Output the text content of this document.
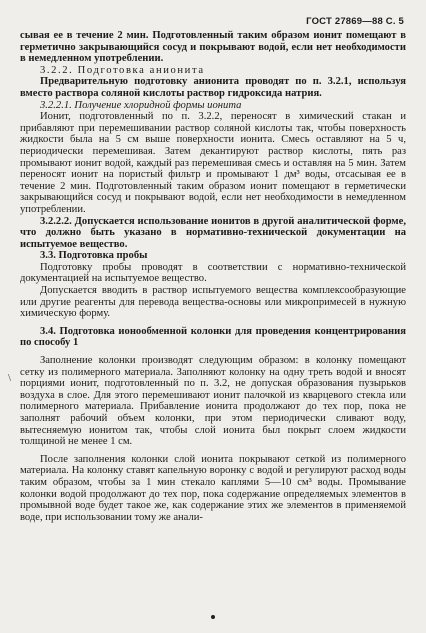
ГОСТ 27869—88 С. 5
\

сывая ее в течение 2 мин. Подготовленный таким образом ионит помещают в герметично закрывающийся сосуд и покрывают водой, если нет необходимости в немедленном употреблении.

3.2.2. Подготовка анионита

Предварительную подготовку анионита проводят по п. 3.2.1, используя вместо раствора соляной кислоты раствор гидроксида натрия.

3.2.2.1. Получение хлоридной формы ионита

Ионит, подготовленный по п. 3.2.2, переносят в химический стакан и прибавляют при перемешивании раствор соляной кислоты так, чтобы поверхность жидкости была на 5 см выше поверхности ионита. Смесь оставляют на 5 ч, периодически перемешивая. Затем декантируют раствор кислоты, пять раз промывают ионит водой, каждый раз перемешивая смесь и оставляя на 5 мин. Затем переносят ионит на пористый фильтр и промывают 1 дм³ воды, отсасывая ее в течение 2 мин. Подготовленный таким образом ионит помещают в герметически закрывающийся сосуд и покрывают водой, если нет необходимости в немедленном употреблении.

3.2.2.2. Допускается использование ионитов в другой аналитической форме, что должно быть указано в нормативно-технической документации на испытуемое вещество.

3.3. Подготовка пробы

Подготовку пробы проводят в соответствии с нормативно-технической документацией на испытуемое вещество.

Допускается вводить в раствор испытуемого вещества комплексообразующие или другие реагенты для перевода вещества-основы или микропримесей в нужную химическую форму.

3.4. Подготовка ионообменной колонки для проведения концентрирования по способу 1

Заполнение колонки производят следующим образом: в колонку помещают сетку из полимерного материала. Заполняют колонку на одну треть водой и вносят порциями ионит, подготовленный по п. 3.2, не допуская образования пузырьков воздуха в слое. Для этого перемешивают ионит палочкой из кварцевого стекла или полимерного материала. Прибавление ионита продолжают до тех пор, пока не заполнят рабочий объем колонки, при этом периодически сливают воду, вытесняемую ионитом так, чтобы слой ионита был покрыт слоем жидкости толщиной не менее 1 см.

После заполнения колонки слой ионита покрывают сеткой из полимерного материала. На колонку ставят капельную воронку с водой и регулируют расход воды таким образом, чтобы за 1 мин стекало каплями 5—10 см³ воды. Промывание колонки водой продолжают до тех пор, пока содержание определяемых элементов в промывной воде будет такое же, как содержание этих же элементов в применяемой воде, при использовании тому же анали-
